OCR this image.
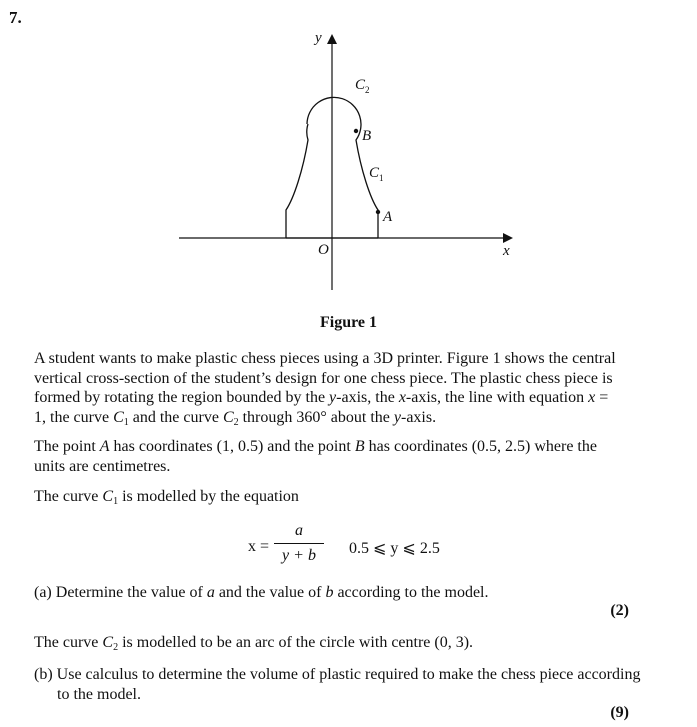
7.
y
x
O
$C_2$
B
$C_1$
A
Figure 1
A student wants to make plastic chess pieces using a 3D printer. Figure 1 shows the central vertical cross-section of the student’s design for one chess piece. The plastic chess piece is formed by rotating the region bounded by the y-axis, the x-axis, the line with equation x = 1, the curve $C_1$ and the curve $C_2$ through 360° about the y-axis.
The point A has coordinates (1, 0.5) and the point B has coordinates (0.5, 2.5) where the units are centimetres.
The curve $C_1$ is modelled by the equation
x =
a
y + b	0.5 ⩽ y ⩽ 2.5
(a) Determine the value of a and the value of b according to the model.
(2)
The curve $C_2$ is modelled to be an arc of the circle with centre (0, 3).
(b) Use calculus to determine the volume of plastic required to make the chess piece according to the model.
(9)
